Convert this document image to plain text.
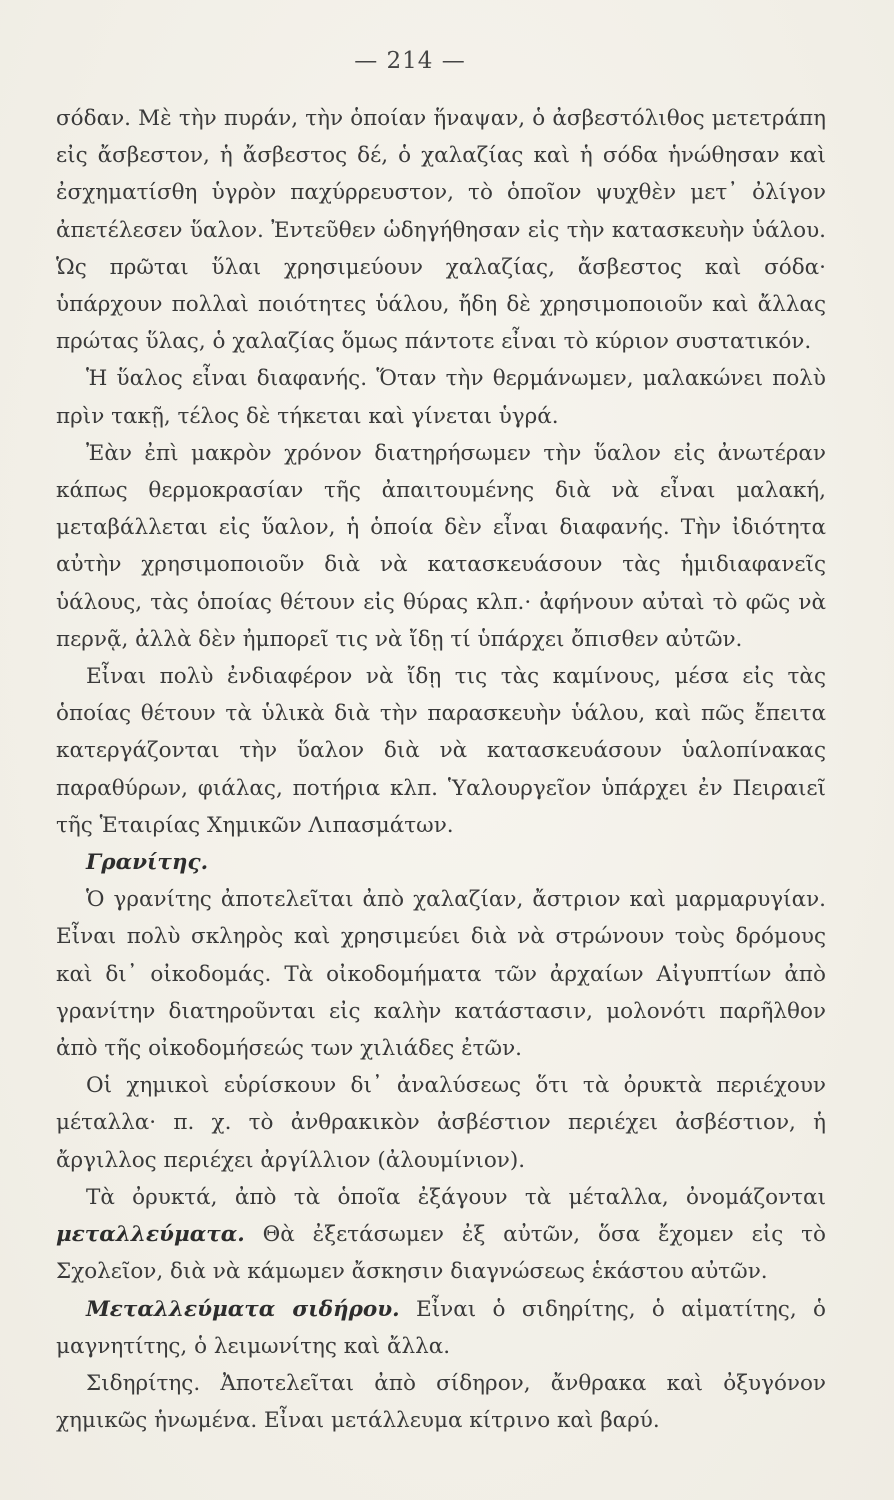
— 214 —

σόδαν. Μὲ τὴν πυράν, τὴν ὁποίαν ἥναψαν, ὁ ἀσβεστόλιθος μετετράπη εἰς ἄσβεστον, ἡ ἄσβεστος δέ, ὁ χαλαζίας καὶ ἡ σόδα ἡνώθησαν καὶ ἐσχηματίσθη ὑγρὸν παχύρρευστον, τὸ ὁποῖον ψυχθὲν μετ᾿ ὀλίγον ἀπετέλεσεν ὕαλον. Ἐντεῦθεν ὡδηγήθησαν εἰς τὴν κατασκευὴν ὑάλου. Ὡς πρῶται ὕλαι χρησιμεύουν χαλαζίας, ἄσβεστος καὶ σόδα· ὑπάρχουν πολλαὶ ποιότητες ὑάλου, ἤδη δὲ χρησιμοποιοῦν καὶ ἄλλας πρώτας ὕλας, ὁ χαλαζίας ὅμως πάντοτε εἶναι τὸ κύριον συστατικόν.

Ἡ ὕαλος εἶναι διαφανής. Ὅταν τὴν θερμάνωμεν, μαλακώνει πολὺ πρὶν τακῇ, τέλος δὲ τήκεται καὶ γίνεται ὑγρά.

Ἐὰν ἐπὶ μακρὸν χρόνον διατηρήσωμεν τὴν ὕαλον εἰς ἀνωτέραν κάπως θερμοκρασίαν τῆς ἀπαιτουμένης διὰ νὰ εἶναι μαλακή, μεταβάλλεται εἰς ὕαλον, ἡ ὁποία δὲν εἶναι διαφανής. Τὴν ἰδιότητα αὐτὴν χρησιμοποιοῦν διὰ νὰ κατασκευάσουν τὰς ἡμιδιαφανεῖς ὑάλους, τὰς ὁποίας θέτουν εἰς θύρας κλπ.· ἀφήνουν αὐταὶ τὸ φῶς νὰ περνᾷ, ἀλλὰ δὲν ἠμπορεῖ τις νὰ ἴδῃ τί ὑπάρχει ὄπισθεν αὐτῶν.

Εἶναι πολὺ ἐνδιαφέρον νὰ ἴδῃ τις τὰς καμίνους, μέσα εἰς τὰς ὁποίας θέτουν τὰ ὑλικὰ διὰ τὴν παρασκευὴν ὑάλου, καὶ πῶς ἔπειτα κατεργάζονται τὴν ὕαλον διὰ νὰ κατασκευάσουν ὑαλοπίνακας παραθύρων, φιάλας, ποτήρια κλπ. Ὑαλουργεῖον ὑπάρχει ἐν Πειραιεῖ τῆς Ἑταιρίας Χημικῶν Λιπασμάτων.

Γρανίτης.

Ὁ γρανίτης ἀποτελεῖται ἀπὸ χαλαζίαν, ἄστριον καὶ μαρμαρυγίαν. Εἶναι πολὺ σκληρὸς καὶ χρησιμεύει διὰ νὰ στρώνουν τοὺς δρόμους καὶ δι᾿ οἰκοδομάς. Τὰ οἰκοδομήματα τῶν ἀρχαίων Αἰγυπτίων ἀπὸ γρανίτην διατηροῦνται εἰς καλὴν κατάστασιν, μολονότι παρῆλθον ἀπὸ τῆς οἰκοδομήσεώς των χιλιάδες ἐτῶν.

Οἱ χημικοὶ εὑρίσκουν δι᾿ ἀναλύσεως ὅτι τὰ ὀρυκτὰ περιέχουν μέταλλα· π. χ. τὸ ἀνθρακικὸν ἀσβέστιον περιέχει ἀσβέστιον, ἡ ἄργιλλος περιέχει ἀργίλλιον (ἀλουμίνιον).

Τὰ ὀρυκτά, ἀπὸ τὰ ὁποῖα ἐξάγουν τὰ μέταλλα, ὀνομάζονται μεταλλεύματα. Θὰ ἐξετάσωμεν ἐξ αὐτῶν, ὅσα ἔχομεν εἰς τὸ Σχολεῖον, διὰ νὰ κάμωμεν ἄσκησιν διαγνώσεως ἑκάστου αὐτῶν.

Μεταλλεύματα σιδήρου. Εἶναι ὁ σιδηρίτης, ὁ αἱματίτης, ὁ μαγνητίτης, ὁ λειμωνίτης καὶ ἄλλα.

Σιδηρίτης. Ἀποτελεῖται ἀπὸ σίδηρον, ἄνθρακα καὶ ὀξυγόνον χημικῶς ἡνωμένα. Εἶναι μετάλλευμα κίτρινο καὶ βαρύ.
